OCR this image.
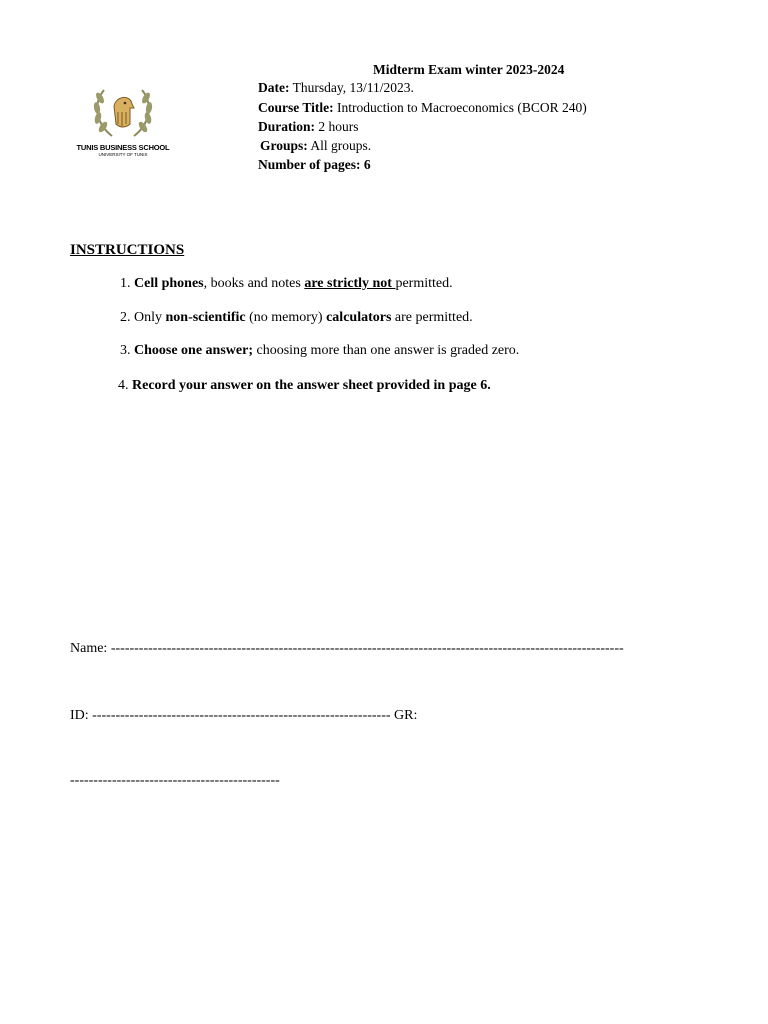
TUNIS BUSINESS SCHOOL
UNIVERSITY OF TUNIS
Midterm Exam winter 2023-2024
Date: Thursday, 13/11/2023.
Course Title: Introduction to Macroeconomics (BCOR 240)
Duration: 2 hours
Groups: All groups.
Number of pages: 6
INSTRUCTIONS
1. Cell phones, books and notes are strictly not permitted.
2. Only non-scientific (no memory) calculators are permitted.
3. Choose one answer; choosing more than one answer is graded zero.
4. Record your answer on the answer sheet provided in page 6.
Name: --------------------------------------------------------------------------------------------------------------
ID: ---------------------------------------------------------------- GR:
---------------------------------------------
